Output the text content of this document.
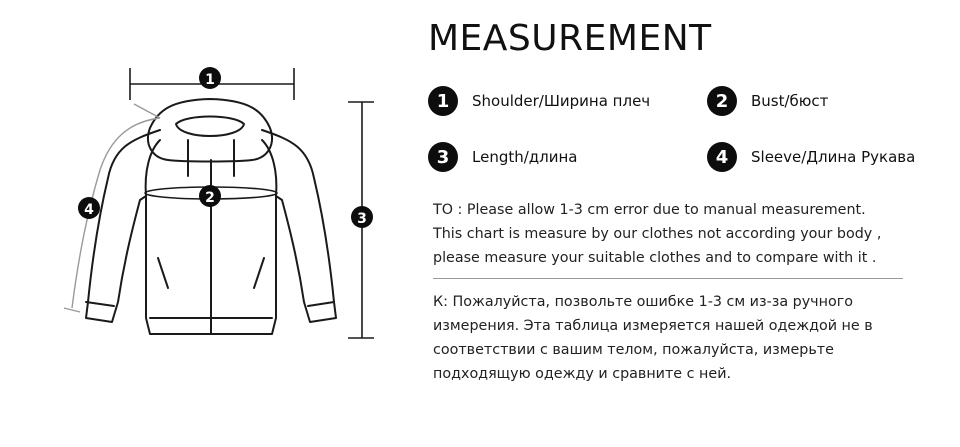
1
2
3
4
MEASUREMENT
1	Shoulder/Ширина плеч	2	Bust/бюст
3	Length/длина	4	Sleeve/Длина Рукава
TO : Please allow 1-3 cm error due to manual measurement.
This chart is measure by our clothes not according your body ,
please measure your suitable clothes and to compare with it .
К: Пожалуйста, позвольте ошибке 1-3 см из-за ручного
измерения. Эта таблица измеряется нашей одеждой не в
соответствии с вашим телом, пожалуйста, измерьте
подходящую одежду и сравните с ней.
